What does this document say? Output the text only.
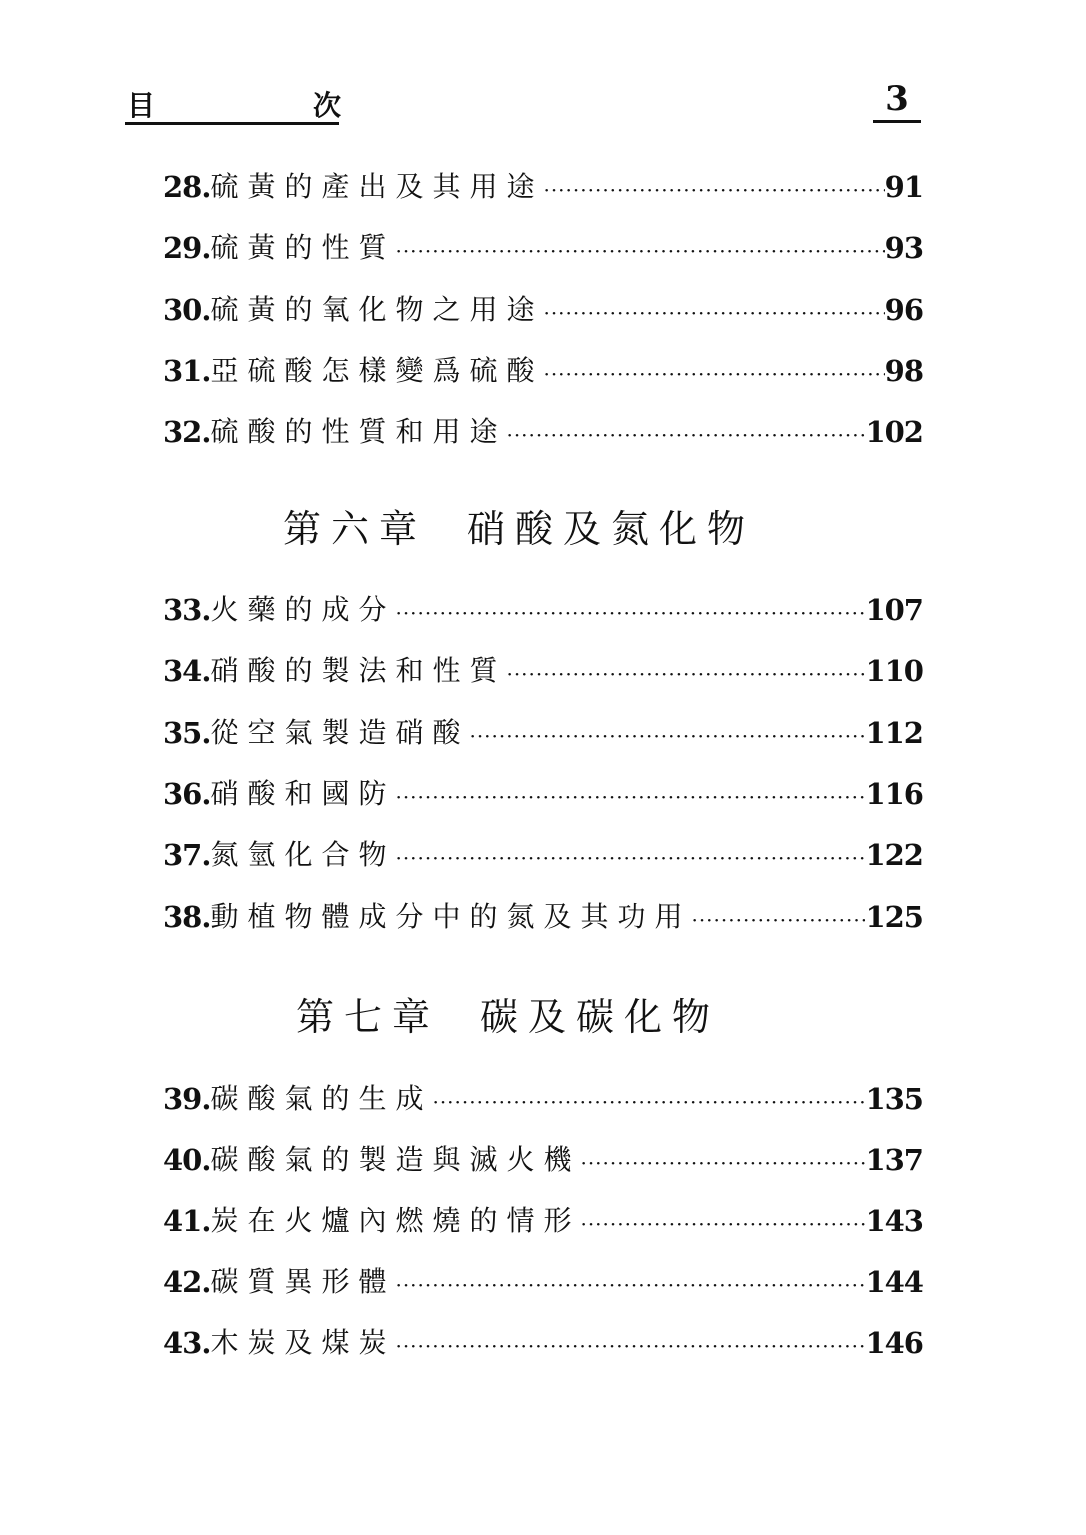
目	次	3
28. 硫黃的產出及其用途 ·····	91
29. 硫黃的性質 ·····	93
30. 硫黃的氧化物之用途 ·····	96
31. 亞硫酸怎樣變爲硫酸 ·····	98
32. 硫酸的性質和用途 ·····	102
第六章 硝酸及氮化物
33. 火藥的成分 ·····	107
34. 硝酸的製法和性質 ·····	110
35. 從空氣製造硝酸 ·····	112
36. 硝酸和國防 ·····	116
37. 氮氫化合物 ·····	122
38. 動植物體成分中的氮及其功用 ·····	125
第七章 碳及碳化物
39. 碳酸氣的生成 ·····	135
40. 碳酸氣的製造與滅火機 ·····	137
41. 炭在火爐內燃燒的情形 ·····	143
42. 碳質異形體 ·····	144
43. 木炭及煤炭 ·····	146
